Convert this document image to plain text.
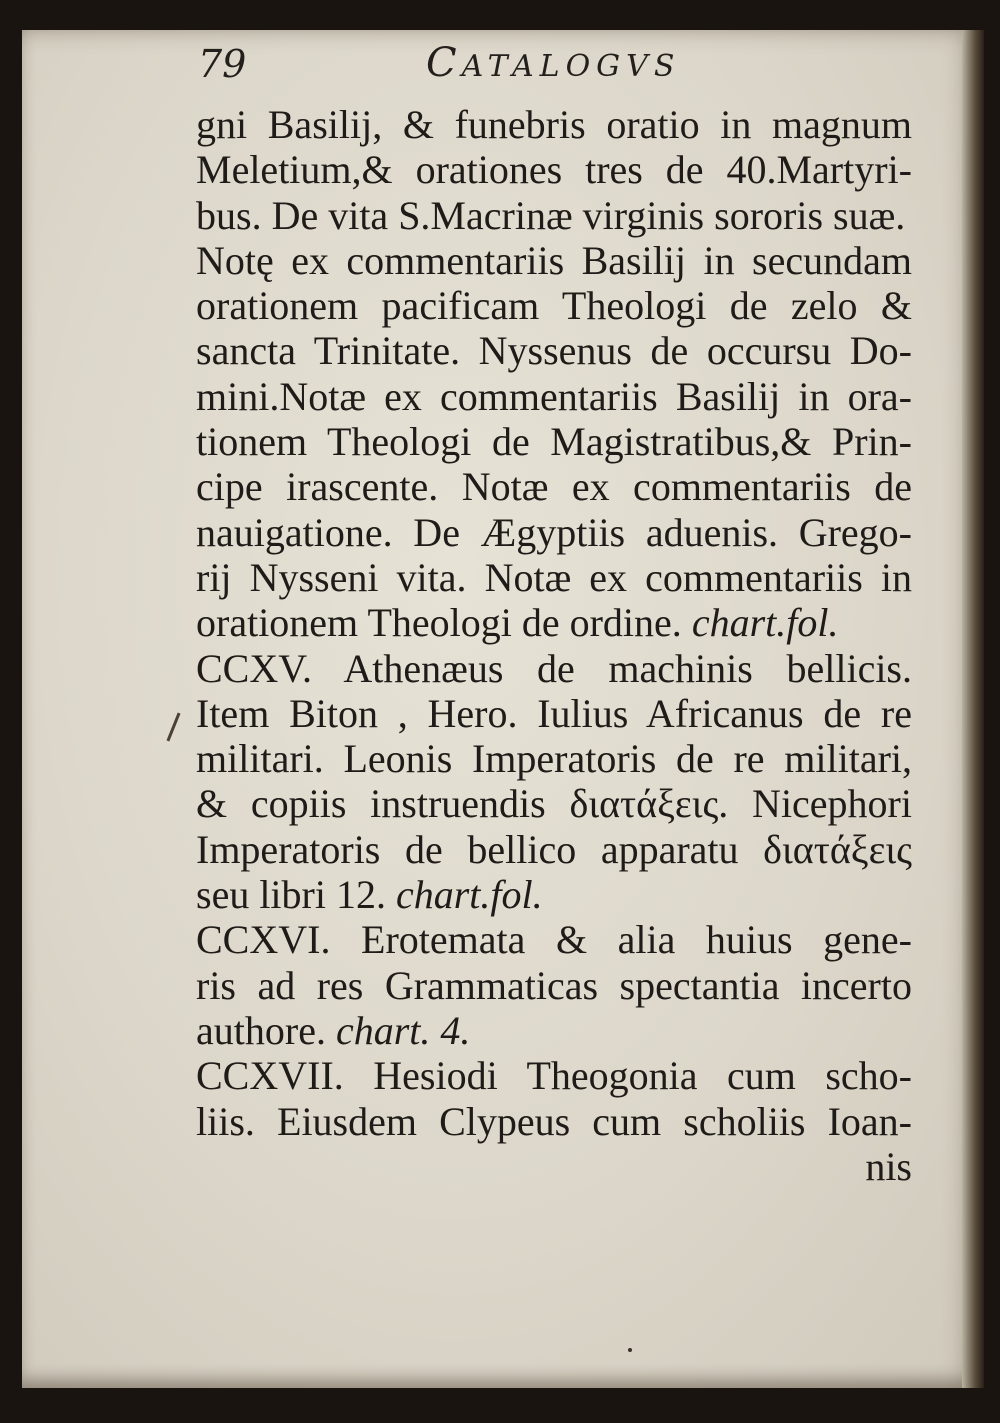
79	CATALOGVS
gni Basilij, & funebris oratio in magnum
Meletium,& orationes tres de 40.Martyri-
bus. De vita S.Macrinæ virginis sororis suæ.
Notę ex commentariis Basilij in secundam
orationem pacificam Theologi de zelo &
sancta Trinitate. Nyssenus de occursu Do-
mini.Notæ ex commentariis Basilij in ora-
tionem Theologi de Magistratibus,& Prin-
cipe irascente. Notæ ex commentariis de
nauigatione. De Ægyptiis aduenis. Grego-
rij Nysseni vita. Notæ ex commentariis in
orationem Theologi de ordine. chart.fol.
CCXV. Athenæus de machinis bellicis.
Item Biton , Hero. Iulius Africanus de re
militari. Leonis Imperatoris de re militari,
& copiis instruendis διατάξεις. Nicephori
Imperatoris de bellico apparatu διατάξεις
seu libri 12. chart.fol.
CCXVI. Erotemata & alia huius gene-
ris ad res Grammaticas spectantia incerto
authore. chart. 4.
CCXVII. Hesiodi Theogonia cum scho-
liis. Eiusdem Clypeus cum scholiis Ioan-
nis
